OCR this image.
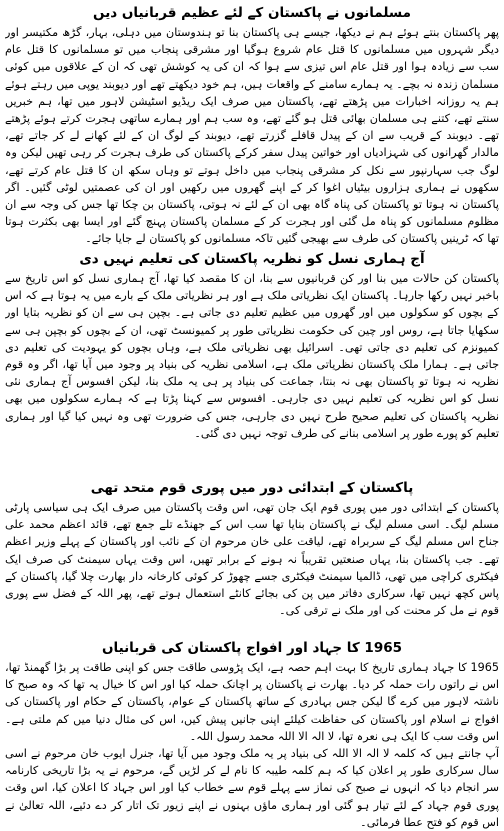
مسلمانوں نے پاکستان کے لئے عظیم قربانیاں دیں

پھر پاکستان بنتے ہوئے ہم نے دیکھا، جیسے ہی پاکستان بنا تو ہندوستان میں دہلی، بہار، گڑھ مکتیسر اور دیگر شہروں میں مسلمانوں کا قتل عام شروع ہوگیا اور مشرقی پنجاب میں تو مسلمانوں کا قتل عام سب سے زیادہ ہوا اور قتل عام اس تیزی سے ہوا کہ ان کی یہ کوشش تھی کہ ان کے علاقوں میں کوئی مسلمان زندہ نہ بچے۔ یہ ہمارے سامنے کے واقعات ہیں، ہم خود دیکھتے تھے اور دیوبند یوپی میں رہتے ہوئے ہم یہ روزانہ اخبارات میں پڑھتے تھے، پاکستان میں صرف ایک ریڈیو اسٹیشن لاہور میں تھا، ہم خبریں سنتے تھے، کتنے ہی مسلمان بھائی قتل ہو گئے تھے، وہ سب ہم اور ہمارے ساتھی ہجرت کرتے ہوئے پڑھتے تھے۔ دیوبند کے قریب سے ان کے پیدل قافلے گزرتے تھے، دیوبند کے لوگ ان کے لئے کھانے لے کر جاتے تھے، مالدار گھرانوں کی شہزادیاں اور خواتین پیدل سفر کرکے پاکستان کی طرف ہجرت کر رہی تھیں لیکن وہ لوگ جب سہارنپور سے نکل کر مشرقی پنجاب میں داخل ہوتے تو وہاں سکھ ان کا قتل عام کرتے تھے، سکھوں نے ہماری ہزاروں بیٹیاں اغوا کر کے اپنے گھروں میں رکھیں اور ان کی عصمتیں لوٹی گئیں۔ اگر پاکستان نہ ہوتا تو پاکستان کی پناہ گاہ بھی ان کے لئے نہ ہوتی، پاکستان بن چکا تھا جس کی وجہ سے ان مظلوم مسلمانوں کو پناہ مل گئی اور ہجرت کر کے مسلمان پاکستان پہنچ گئے اور ایسا بھی بکثرت ہوتا تھا کہ ٹرینیں پاکستان کی طرف سے بھیجی گئیں تاکہ مسلمانوں کو پاکستان لے جایا جائے۔

آج ہماری نسل کو نظریہ پاکستان کی تعلیم نہیں دی

پاکستان کن حالات میں بنا اور کن قربانیوں سے بنا، ان کا مقصد کیا تھا، آج ہماری نسل کو اس تاریخ سے باخبر نہیں رکھا جارہا۔ پاکستان ایک نظریاتی ملک ہے اور ہر نظریاتی ملک کے بارے میں یہ ہوتا ہے کہ اس کے بچوں کو سکولوں میں اور گھروں میں عظیم تعلیم دی جاتی ہے۔ بچپن ہی سے ان کو نظریہ بتایا اور سکھایا جاتا ہے، روس اور چین کی حکومت نظریاتی طور پر کمیونسٹ تھی، ان کے بچوں کو بچپن ہی سے کمیونزم کی تعلیم دی جاتی تھی۔ اسرائیل بھی نظریاتی ملک ہے، وہاں بچوں کو یہودیت کی تعلیم دی جاتی ہے۔ ہمارا ملک پاکستان نظریاتی ملک ہے، اسلامی نظریہ کی بنیاد پر وجود میں آیا تھا، اگر وہ قوم نظریہ نہ ہوتا تو پاکستان بھی نہ بنتا، جماعت کی بنیاد پر ہی یہ ملک بنا، لیکن افسوس آج ہماری نئی نسل کو اس نظریہ کی تعلیم نہیں دی جارہی۔ افسوس سے کہنا پڑتا ہے کہ ہمارے سکولوں میں بھی نظریہ پاکستان کی تعلیم صحیح طرح نہیں دی جارہی، جس کی ضرورت تھی وہ نہیں کیا گیا اور ہماری تعلیم کو پورے طور پر اسلامی بنانے کی طرف توجہ نہیں دی گئی۔

پاکستان کے ابتدائی دور میں پوری قوم متحد تھی

پاکستان کے ابتدائی دور میں پوری قوم ایک جان تھی، اس وقت پاکستان میں صرف ایک ہی سیاسی پارٹی مسلم لیگ۔ اسی مسلم لیگ نے پاکستان بنایا تھا سب اس کے جھنڈے تلے جمع تھے، قائد اعظم محمد علی جناح اس مسلم لیگ کے سربراہ تھے، لیاقت علی خان مرحوم ان کے نائب اور پاکستان کے پہلے وزیر اعظم تھے۔ جب پاکستان بنا، یہاں صنعتیں تقریباً نہ ہونے کے برابر تھیں، اس وقت یہاں سیمنٹ کی صرف ایک فیکٹری کراچی میں تھی، ڈالمیا سیمنٹ فیکٹری جسے چھوڑ کر کوئی کارخانہ دار بھارت چلا گیا، پاکستان کے پاس کچھ نہیں تھا، سرکاری دفاتر میں پن کی بجائے کانٹے استعمال ہوتے تھے، پھر اللہ کے فضل سے پوری قوم نے مل کر محنت کی اور ملک نے ترقی کی۔

1965 کا جہاد اور افواج پاکستان کی قربانیاں

1965 کا جہاد ہماری تاریخ کا بہت اہم حصہ ہے، ایک پڑوسی طاقت جس کو اپنی طاقت پر بڑا گھمنڈ تھا، اس نے راتوں رات حملہ کر دیا۔ بھارت نے پاکستان پر اچانک حملہ کیا اور اس کا خیال یہ تھا کہ وہ صبح کا ناشتہ لاہور میں کرے گا لیکن جس بہادری کے ساتھ پاکستان کے عوام، پاکستان کے حکام اور پاکستان کی افواج نے اسلام اور پاکستان کی حفاظت کیلئے اپنی جانیں پیش کیں، اس کی مثال دنیا میں کم ملتی ہے۔ اس وقت سب کا ایک ہی نعرہ تھا، لا الہ الا اللہ محمد رسول اللہ۔

آپ جانتے ہیں کہ کلمہ لا الہ الا اللہ کی بنیاد پر یہ ملک وجود میں آیا تھا، جنرل ایوب خان مرحوم نے اسی سال سرکاری طور پر اعلان کیا کہ ہم کلمہ طیبہ کا نام لے کر لڑیں گے، مرحوم نے یہ بڑا تاریخی کارنامہ سر انجام دیا کہ انہوں نے صبح کی نماز سے پہلے قوم سے خطاب کیا اور اس جہاد کا اعلان کیا، اس وقت پوری قوم جہاد کے لئے تیار ہو گئی اور ہماری ماؤں بہنوں نے اپنے زیور تک اتار کر دے دئیے، اللہ تعالیٰ نے اس قوم کو فتح عطا فرمائی۔
